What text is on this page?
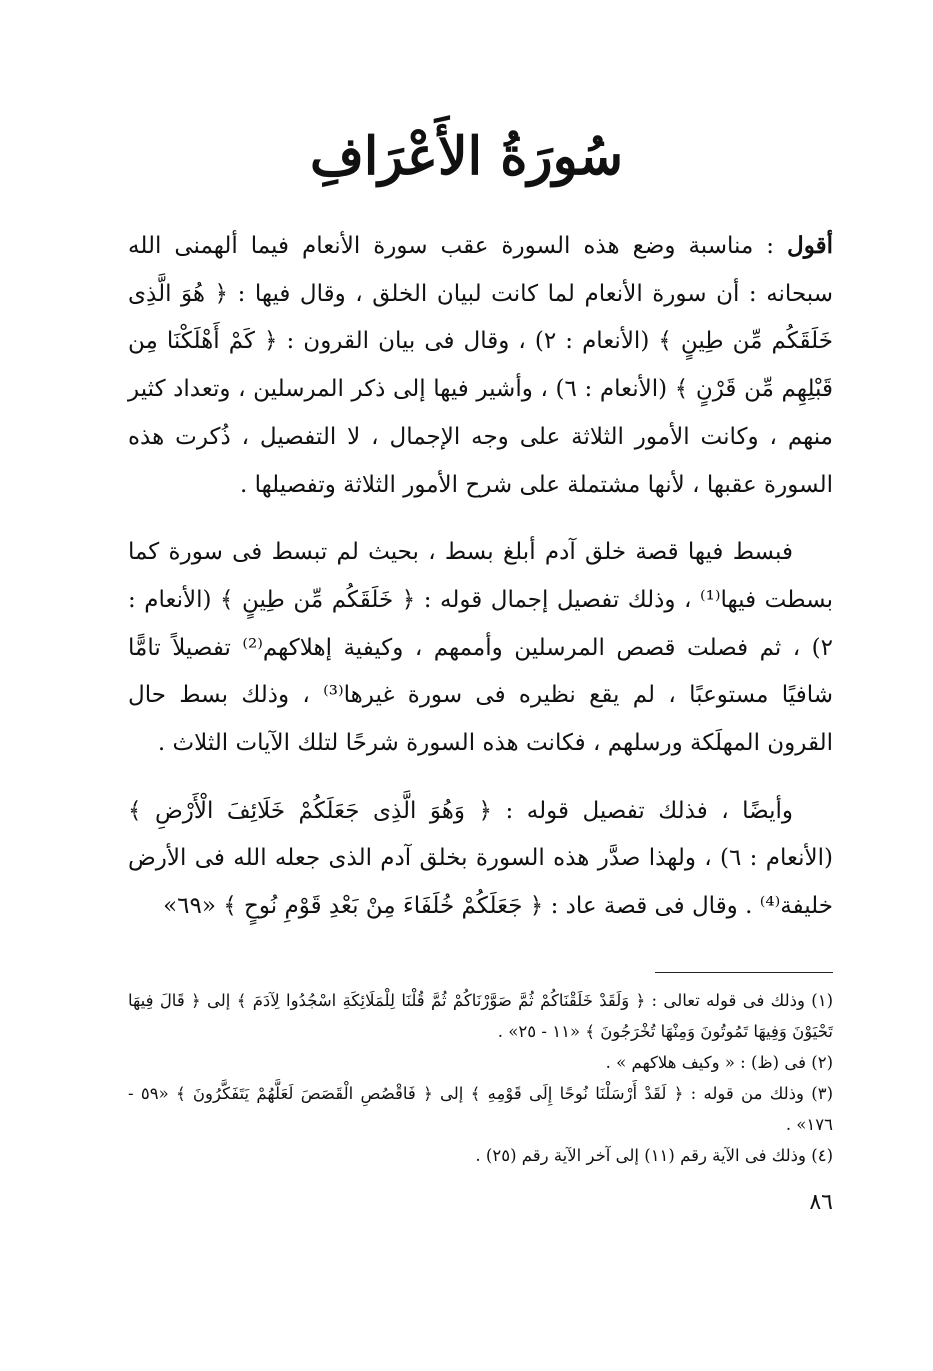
سُورَةُ الأَعْرَافِ

أقول : مناسبة وضع هذه السورة عقب سورة الأنعام فيما ألهمنى الله سبحانه : أن سورة الأنعام لما كانت لبيان الخلق ، وقال فيها : ﴿ هُوَ الَّذِى خَلَقَكُم مِّن طِينٍ ﴾ (الأنعام : ٢) ، وقال فى بيان القرون : ﴿ كَمْ أَهْلَكْنَا مِن قَبْلِهِم مِّن قَرْنٍ ﴾ (الأنعام : ٦) ، وأشير فيها إلى ذكر المرسلين ، وتعداد كثير منهم ، وكانت الأمور الثلاثة على وجه الإجمال ، لا التفصيل ، ذُكرت هذه السورة عقبها ، لأنها مشتملة على شرح الأمور الثلاثة وتفصيلها .

فبسط فيها قصة خلق آدم أبلغ بسط ، بحيث لم تبسط فى سورة كما بسطت فيها⁽¹⁾ ، وذلك تفصيل إجمال قوله : ﴿ خَلَقَكُم مِّن طِينٍ ﴾ (الأنعام : ٢) ، ثم فصلت قصص المرسلين وأممهم ، وكيفية إهلاكهم⁽²⁾ تفصيلاً تامًّا شافيًا مستوعبًا ، لم يقع نظيره فى سورة غيرها⁽³⁾ ، وذلك بسط حال القرون المهلَكة ورسلهم ، فكانت هذه السورة شرحًا لتلك الآيات الثلاث .

وأيضًا ، فذلك تفصيل قوله : ﴿ وَهُوَ الَّذِى جَعَلَكُمْ خَلَائِفَ الْأَرْضِ ﴾ (الأنعام : ٦) ، ولهذا صدَّر هذه السورة بخلق آدم الذى جعله الله فى الأرض خليفة⁽⁴⁾ . وقال فى قصة عاد : ﴿ جَعَلَكُمْ خُلَفَاءَ مِنْ بَعْدِ قَوْمِ نُوحٍ ﴾ «٦٩»

(١) وذلك فى قوله تعالى : ﴿ وَلَقَدْ خَلَقْنَاكُمْ ثُمَّ صَوَّرْنَاكُمْ ثُمَّ قُلْنَا لِلْمَلَائِكَةِ اسْجُدُوا لِآدَمَ ﴾ إلى ﴿ قَالَ فِيهَا تَحْيَوْنَ وَفِيهَا تَمُوتُونَ وَمِنْهَا تُخْرَجُونَ ﴾ «١١ - ٢٥» .

(٢) فى (ظ) : « وكيف هلاكهم » .

(٣) وذلك من قوله : ﴿ لَقَدْ أَرْسَلْنَا نُوحًا إِلَى قَوْمِهِ ﴾ إلى ﴿ فَاقْصُصِ الْقَصَصَ لَعَلَّهُمْ يَتَفَكَّرُونَ ﴾ «٥٩ - ١٧٦» .

(٤) وذلك فى الآية رقم (١١) إلى آخر الآية رقم (٢٥) .

٨٦
